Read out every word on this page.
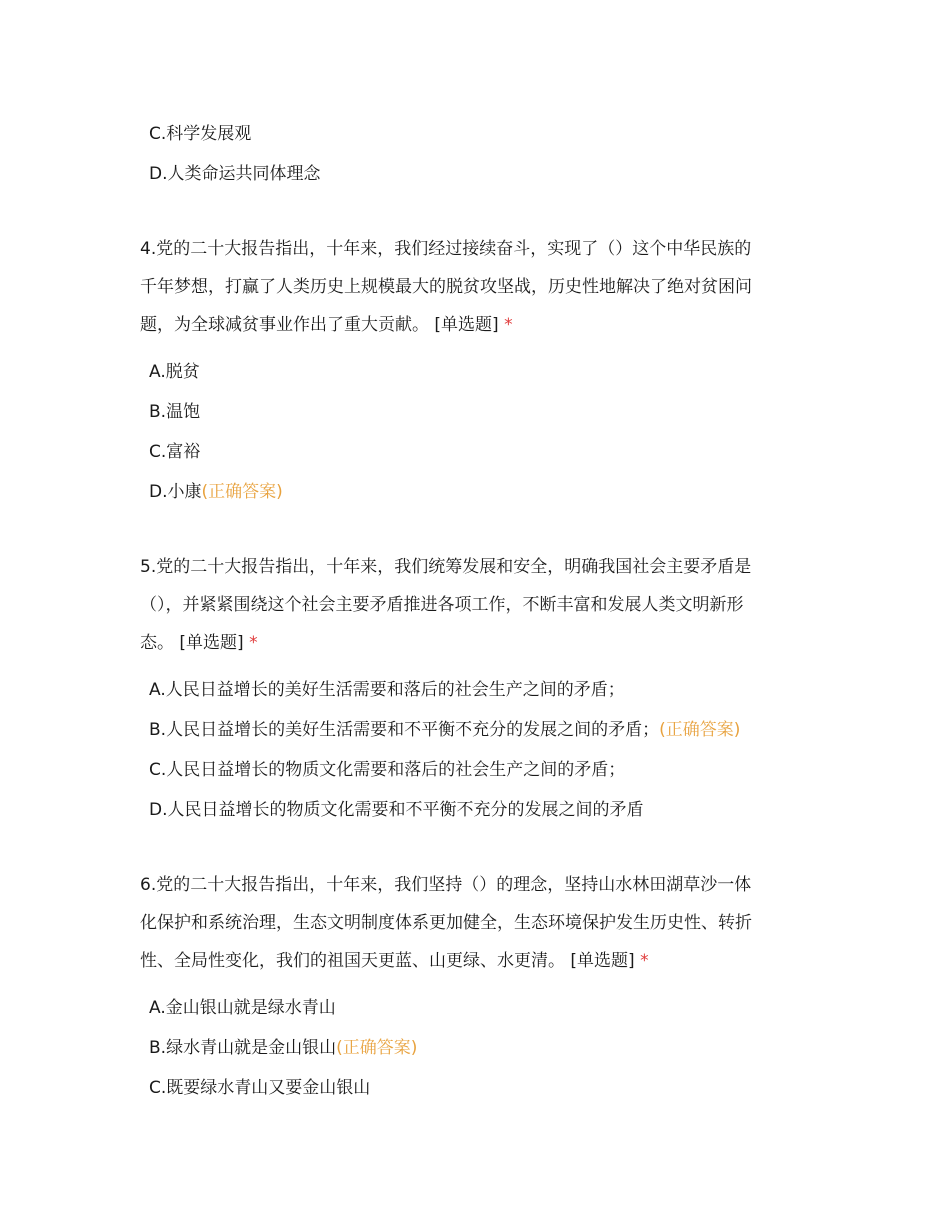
C.科学发展观
D.人类命运共同体理念
4.党的二十大报告指出，十年来，我们经过接续奋斗，实现了（）这个中华民族的
千年梦想，打赢了人类历史上规模最大的脱贫攻坚战，历史性地解决了绝对贫困问
题，为全球减贫事业作出了重大贡献。 [单选题] *
A.脱贫
B.温饱
C.富裕
D.小康(正确答案)
5.党的二十大报告指出，十年来，我们统筹发展和安全，明确我国社会主要矛盾是
（），并紧紧围绕这个社会主要矛盾推进各项工作，不断丰富和发展人类文明新形
态。 [单选题] *
A.人民日益增长的美好生活需要和落后的社会生产之间的矛盾；
B.人民日益增长的美好生活需要和不平衡不充分的发展之间的矛盾；(正确答案)
C.人民日益增长的物质文化需要和落后的社会生产之间的矛盾；
D.人民日益增长的物质文化需要和不平衡不充分的发展之间的矛盾
6.党的二十大报告指出，十年来，我们坚持（）的理念，坚持山水林田湖草沙一体
化保护和系统治理，生态文明制度体系更加健全，生态环境保护发生历史性、转折
性、全局性变化，我们的祖国天更蓝、山更绿、水更清。 [单选题] *
A.金山银山就是绿水青山
B.绿水青山就是金山银山(正确答案)
C.既要绿水青山又要金山银山
